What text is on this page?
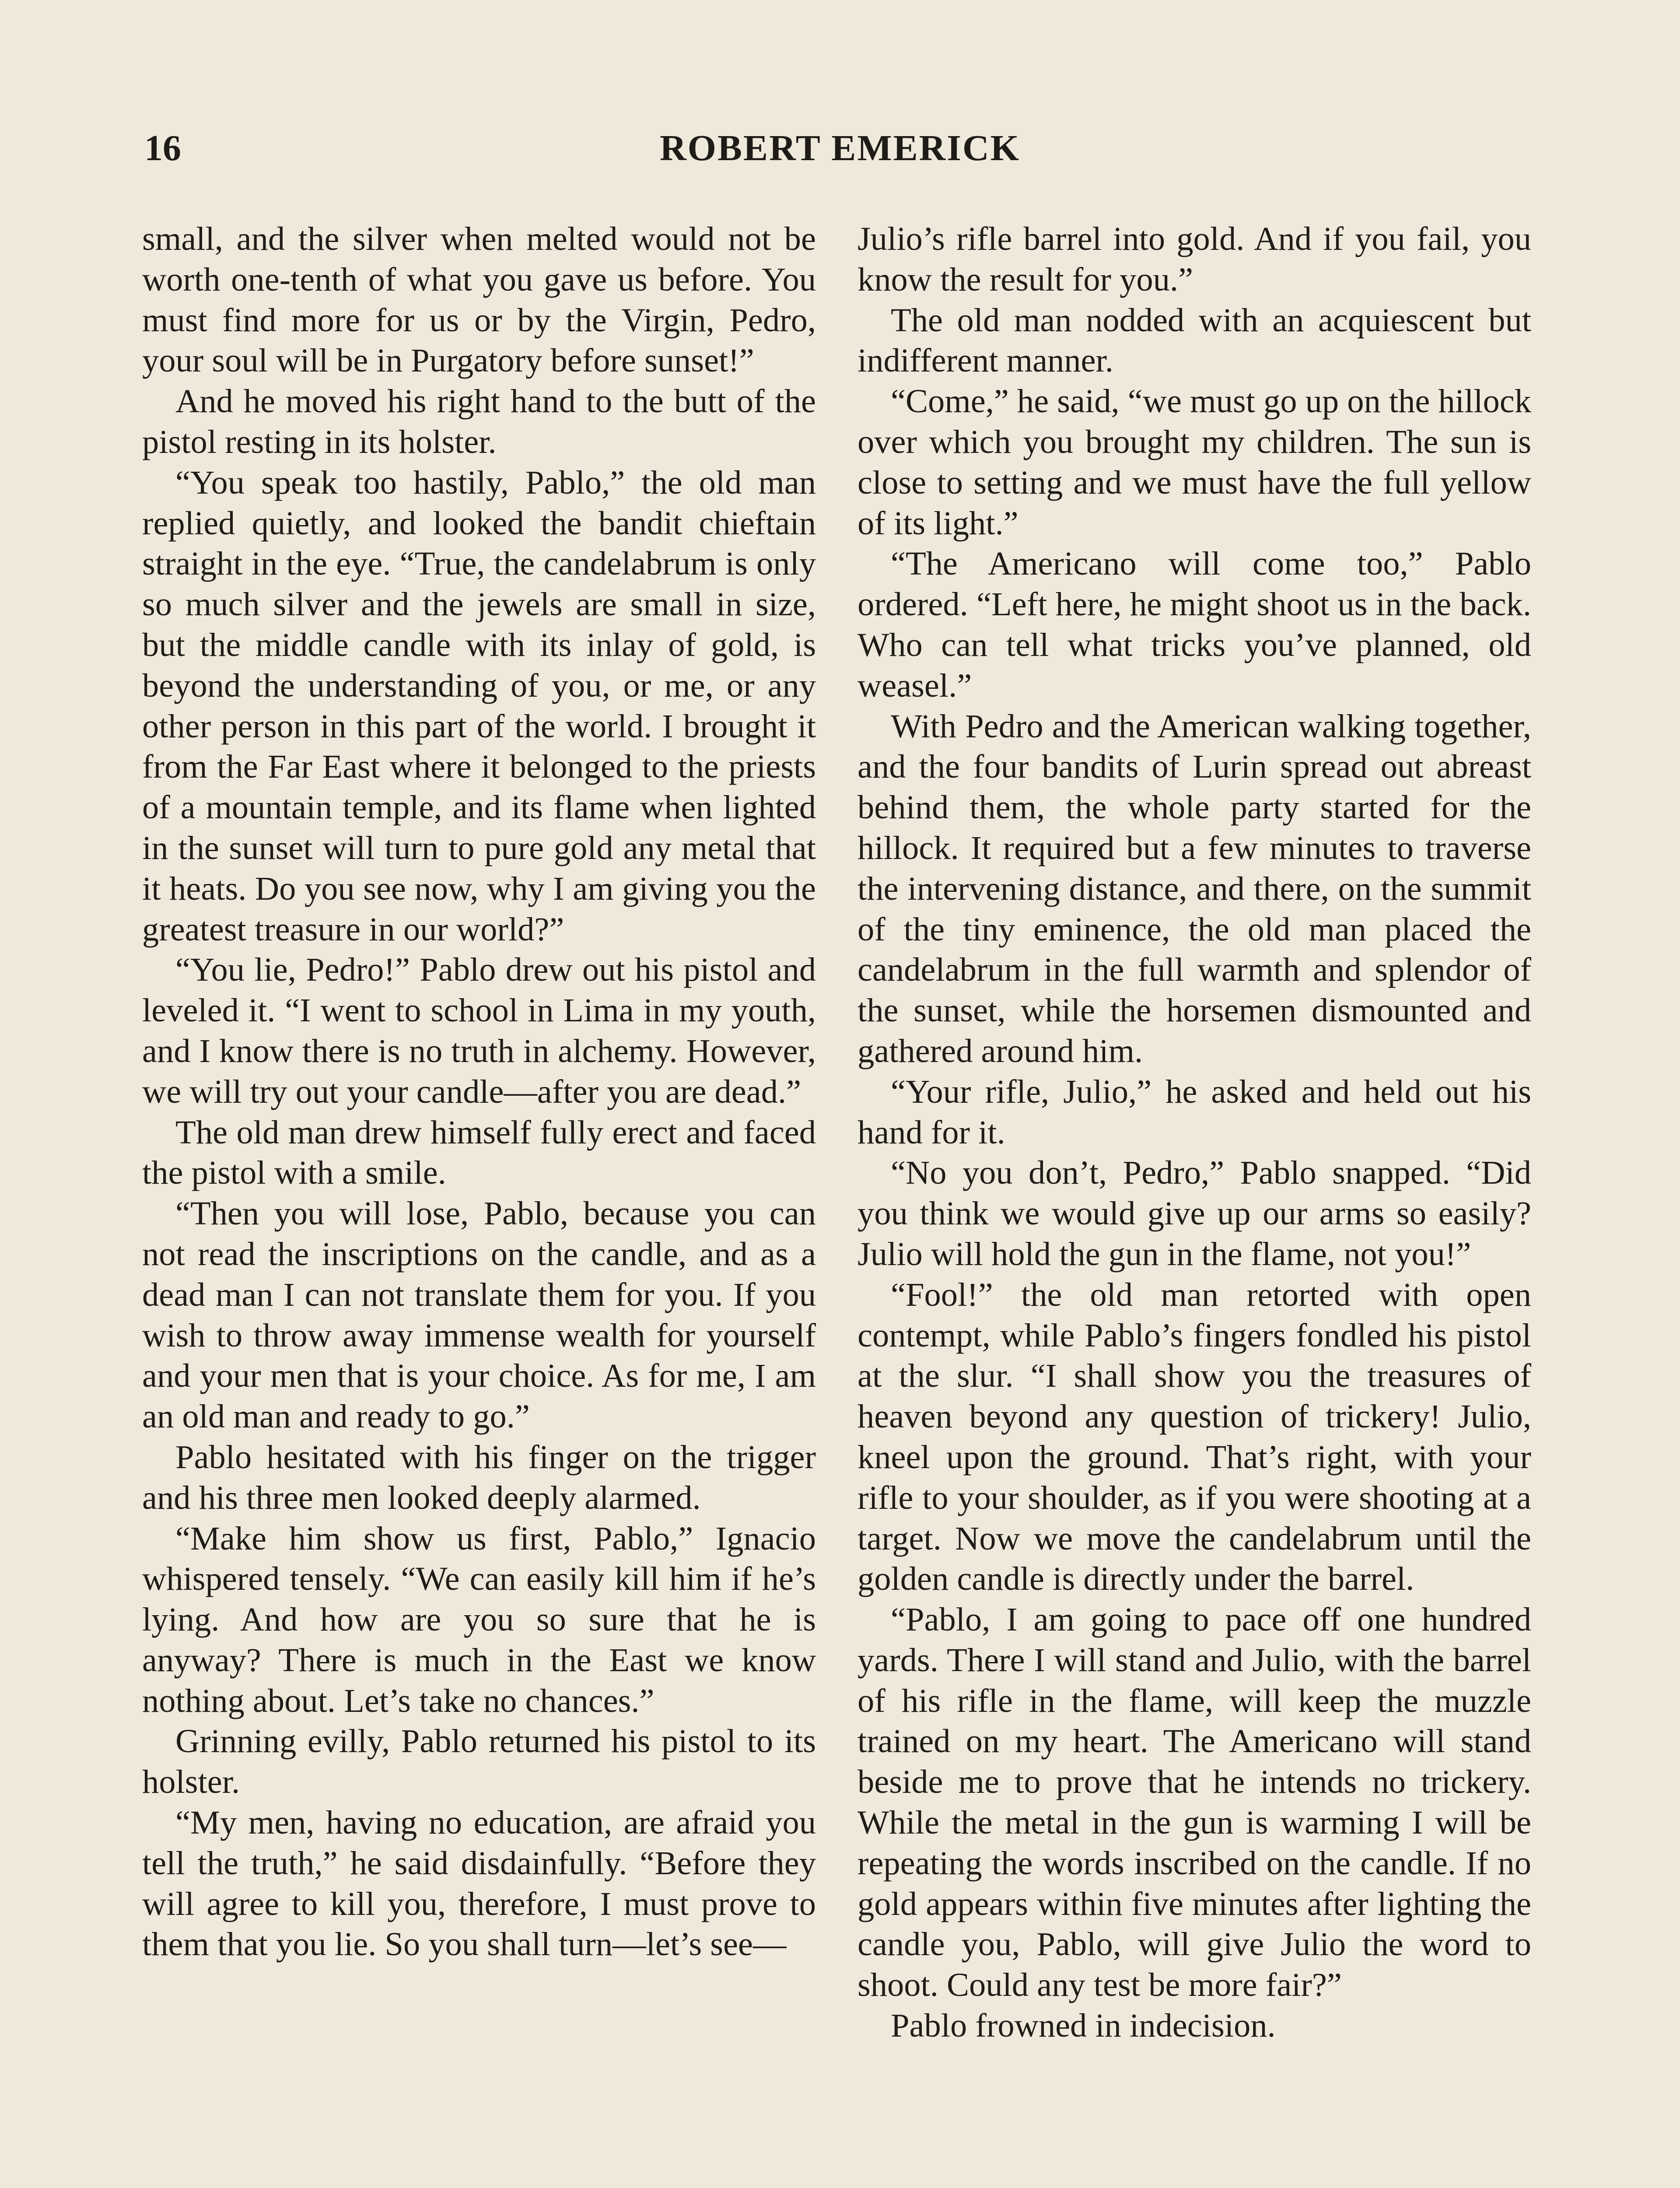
16	ROBERT EMERICK

small, and the silver when melted would not be worth one-tenth of what you gave us before. You must find more for us or by the Virgin, Pedro, your soul will be in Purgatory before sunset!”

And he moved his right hand to the butt of the pistol resting in its holster.

“You speak too hastily, Pablo,” the old man replied quietly, and looked the bandit chieftain straight in the eye. “True, the candelabrum is only so much silver and the jewels are small in size, but the middle candle with its inlay of gold, is beyond the understanding of you, or me, or any other person in this part of the world. I brought it from the Far East where it belonged to the priests of a mountain temple, and its flame when lighted in the sunset will turn to pure gold any metal that it heats. Do you see now, why I am giving you the greatest treasure in our world?”

“You lie, Pedro!” Pablo drew out his pistol and leveled it. “I went to school in Lima in my youth, and I know there is no truth in alchemy. However, we will try out your candle—after you are dead.”

The old man drew himself fully erect and faced the pistol with a smile.

“Then you will lose, Pablo, because you can not read the inscriptions on the candle, and as a dead man I can not translate them for you. If you wish to throw away immense wealth for yourself and your men that is your choice. As for me, I am an old man and ready to go.”

Pablo hesitated with his finger on the trigger and his three men looked deeply alarmed.

“Make him show us first, Pablo,” Ignacio whispered tensely. “We can easily kill him if he’s lying. And how are you so sure that he is anyway? There is much in the East we know nothing about. Let’s take no chances.”

Grinning evilly, Pablo returned his pistol to its holster.

“My men, having no education, are afraid you tell the truth,” he said disdainfully. “Before they will agree to kill you, therefore, I must prove to them that you lie. So you shall turn—let’s see—

Julio’s rifle barrel into gold. And if you fail, you know the result for you.”

The old man nodded with an acquiescent but indifferent manner.

“Come,” he said, “we must go up on the hillock over which you brought my children. The sun is close to setting and we must have the full yellow of its light.”

“The Americano will come too,” Pablo ordered. “Left here, he might shoot us in the back. Who can tell what tricks you’ve planned, old weasel.”

With Pedro and the American walking together, and the four bandits of Lurin spread out abreast behind them, the whole party started for the hillock. It required but a few minutes to traverse the intervening distance, and there, on the summit of the tiny eminence, the old man placed the candelabrum in the full warmth and splendor of the sunset, while the horsemen dismounted and gathered around him.

“Your rifle, Julio,” he asked and held out his hand for it.

“No you don’t, Pedro,” Pablo snapped. “Did you think we would give up our arms so easily? Julio will hold the gun in the flame, not you!”

“Fool!” the old man retorted with open contempt, while Pablo’s fingers fondled his pistol at the slur. “I shall show you the treasures of heaven beyond any question of trickery! Julio, kneel upon the ground. That’s right, with your rifle to your shoulder, as if you were shooting at a target. Now we move the candelabrum until the golden candle is directly under the barrel.

“Pablo, I am going to pace off one hundred yards. There I will stand and Julio, with the barrel of his rifle in the flame, will keep the muzzle trained on my heart. The Americano will stand beside me to prove that he intends no trickery. While the metal in the gun is warming I will be repeating the words inscribed on the candle. If no gold appears within five minutes after lighting the candle you, Pablo, will give Julio the word to shoot. Could any test be more fair?”

Pablo frowned in indecision.
